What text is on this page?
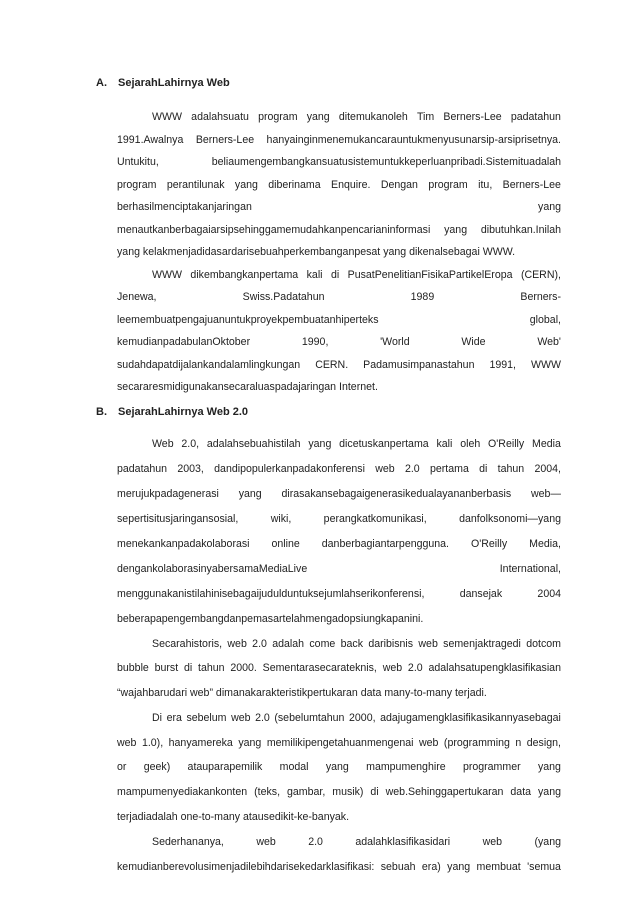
A. SejarahLahirnya Web
WWW adalahsuatu program yang ditemukanoleh Tim Berners-Lee padatahun
1991.Awalnya Berners-Lee hanyainginmenemukancarauntukmenyusunarsip-arsiprisetnya.
Untukitu,	beliaumengembangkansuatusistemuntukkeperluanpribadi.Sistemituadalah
program perantilunak yang diberinama Enquire. Dengan program itu, Berners-Lee
berhasilmenciptakanjaringan	yang
menautkanberbagaiarsipsehinggamemudahkanpencarianinformasi yang dibutuhkan.Inilah
yang kelakmenjadidasardarisebuahperkembanganpesat yang dikenalsebagai WWW.
WWW dikembangkanpertama kali di PusatPenelitianFisikaPartikelEropa (CERN),
Jenewa,	Swiss.Padatahun	1989	Berners-
leemembuatpengajuanuntukproyekpembuatanhiperteks	global,
kemudianpadabulanOktober	1990,	'World	Wide	Web'
sudahdapatdijalankandalamlingkungan CERN. Padamusimpanastahun 1991, WWW
secararesmidigunakansecaraluaspadajaringan Internet.
B. SejarahLahirnya Web 2.0
Web 2.0, adalahsebuahistilah yang dicetuskanpertama kali oleh O'Reilly Media
padatahun 2003, dandipopulerkanpadakonferensi web 2.0 pertama di tahun 2004,
merujukpadagenerasi yang dirasakansebagaigenerasikedualayananberbasis web—
sepertisitusjaringansosial,	wiki,	perangkatkomunikasi,	danfolksonomi—yang
menekankanpadakolaborasi online danberbagiantarpengguna. O'Reilly Media,
dengankolaborasinyabersamaMediaLive	International,
menggunakanistilahinisebagaijudulduntuksejumlahserikonferensi,	dansejak	2004
beberapapengembangdanpemasartelahmengadopsiungkapanini.
Secarahistoris, web 2.0 adalah come back daribisnis web semenjaktragedi dotcom
bubble burst di tahun 2000. Sementarasecarateknis, web 2.0 adalahsatupengklasifikasian
“wajahbarudari web” dimanakarakteristikpertukaran data many-to-many terjadi.
Di era sebelum web 2.0 (sebelumtahun 2000, adajugamengklasifikasikannyasebagai
web 1.0), hanyamereka yang memilikipengetahuanmengenai web (programming n design,
or geek) atauparapemilik modal yang mampumenghire programmer yang
mampumenyediakankonten (teks, gambar, musik) di web.Sehinggapertukaran data yang
terjadiadalah one-to-many atausedikit-ke-banyak.
Sederhananya,	web	2.0	adalahklasifikasidari	web	(yang
kemudianberevolusimenjadilebihdarisekedarklasifikasi: sebuah era) yang membuat 'semua
